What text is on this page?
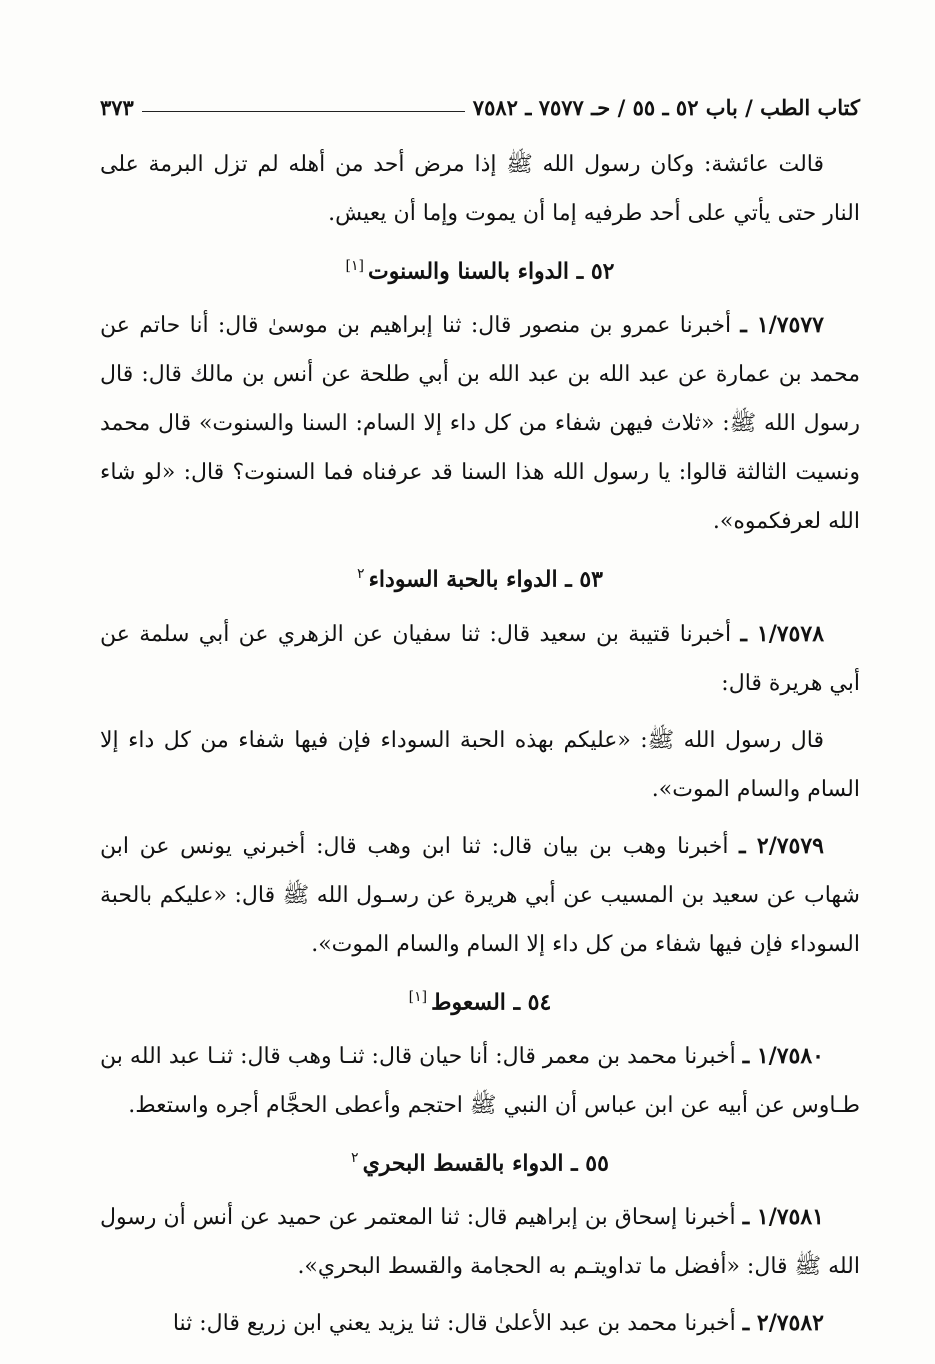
كتاب الطب / باب ٥٢ ـ ٥٥ / حـ ٧٥٧٧ ـ ٧٥٨٢
٣٧٣

قالت عائشة: وكان رسول الله ﷺ إذا مرض أحد من أهله لم تزل البرمة على النار حتى يأتي على أحد طرفيه إما أن يموت وإما أن يعيش.

٥٢ ـ الدواء بالسنا والسنوت[١]

١/٧٥٧٧ ـ أخبرنا عمرو بن منصور قال: ثنا إبراهيم بن موسىٰ قال: أنا حاتم عن محمد بن عمارة عن عبد الله بن عبد الله بن أبي طلحة عن أنس بن مالك قال: قال رسول الله ﷺ: «ثلاث فيهن شفاء من كل داء إلا السام: السنا والسنوت» قال محمد ونسيت الثالثة قالوا: يا رسول الله هذا السنا قد عرفناه فما السنوت؟ قال: «لو شاء الله لعرفكموه».

٥٣ ـ الدواء بالحبة السوداء$^٢$

١/٧٥٧٨ ـ أخبرنا قتيبة بن سعيد قال: ثنا سفيان عن الزهري عن أبي سلمة عن أبي هريرة قال:

قال رسول الله ﷺ: «عليكم بهذه الحبة السوداء فإن فيها شفاء من كل داء إلا السام والسام الموت».

٢/٧٥٧٩ ـ أخبرنا وهب بن بيان قال: ثنا ابن وهب قال: أخبرني يونس عن ابن شهاب عن سعيد بن المسيب عن أبي هريرة عن رسـول الله ﷺ قال: «عليكم بالحبة السوداء فإن فيها شفاء من كل داء إلا السام والسام الموت».

٥٤ ـ السعوط[١]

١/٧٥٨٠ ـ أخبرنا محمد بن معمر قال: أنا حيان قال: ثنـا وهب قال: ثنـا عبد الله بن طـاوس عن أبيه عن ابن عباس أن النبي ﷺ احتجم وأعطى الحجَّام أجره واستعط.

٥٥ ـ الدواء بالقسط البحري$^٢$

١/٧٥٨١ ـ أخبرنا إسحاق بن إبراهيم قال: ثنا المعتمر عن حميد عن أنس أن رسول الله ﷺ قال: «أفضل ما تداويتـم به الحجامة والقسط البحري».

٢/٧٥٨٢ ـ أخبرنا محمد بن عبد الأعلىٰ قال: ثنا يزيد يعني ابن زريع قال: ثنا
